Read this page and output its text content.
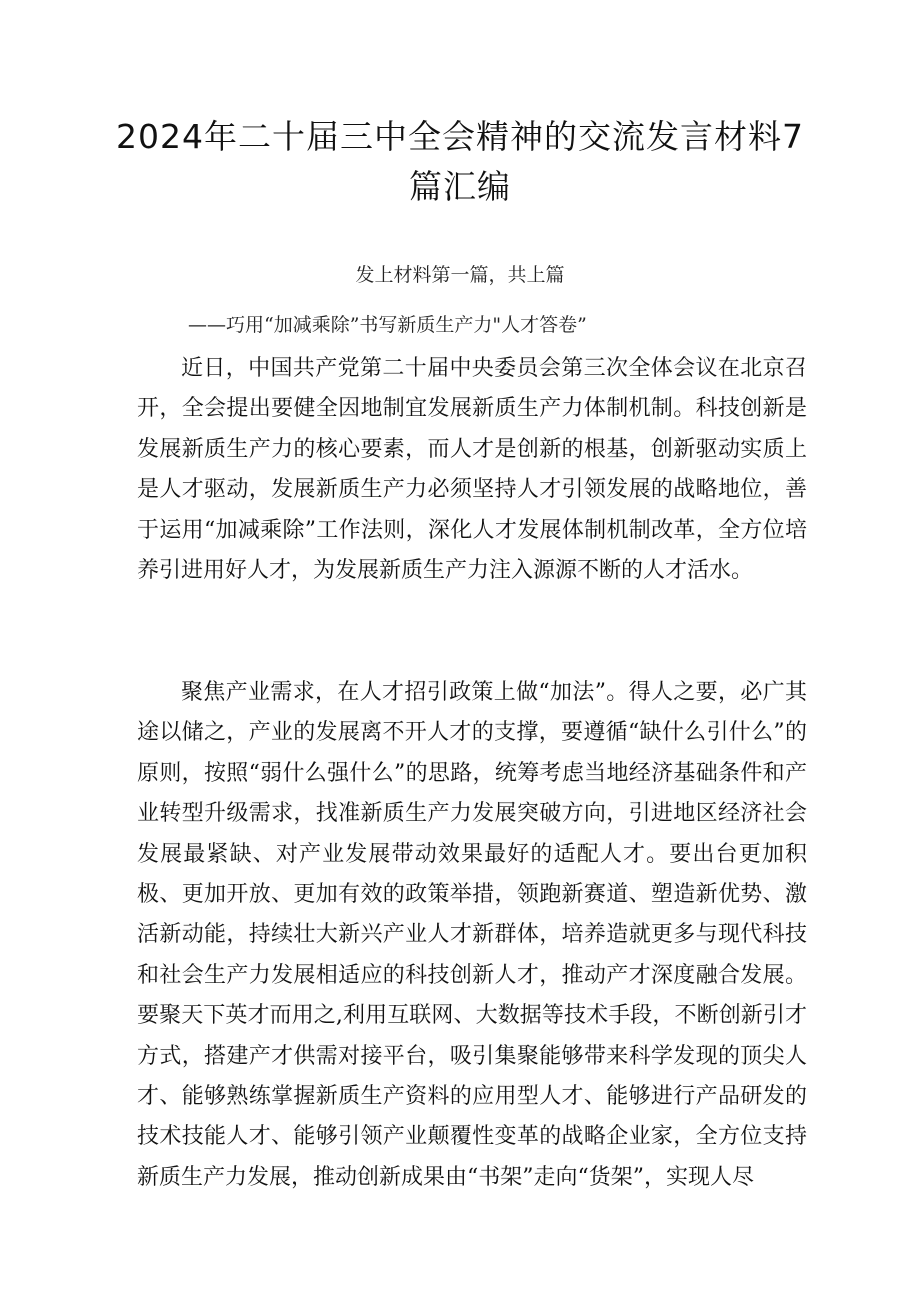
2024年二十届三中全会精神的交流发言材料7篇汇编
发上材料第一篇，共上篇
——巧用“加减乘除”书写新质生产力"人才答卷”

近日，中国共产党第二十届中央委员会第三次全体会议在北京召开，全会提出要健全因地制宜发展新质生产力体制机制。科技创新是发展新质生产力的核心要素，而人才是创新的根基，创新驱动实质上是人才驱动，发展新质生产力必须坚持人才引领发展的战略地位，善于运用“加减乘除”工作法则，深化人才发展体制机制改革，全方位培养引进用好人才，为发展新质生产力注入源源不断的人才活水。

聚焦产业需求，在人才招引政策上做“加法”。得人之要，必广其途以储之，产业的发展离不开人才的支撑，要遵循“缺什么引什么”的原则，按照“弱什么强什么”的思路，统筹考虑当地经济基础条件和产业转型升级需求，找准新质生产力发展突破方向，引进地区经济社会发展最紧缺、对产业发展带动效果最好的适配人才。要出台更加积极、更加开放、更加有效的政策举措，领跑新赛道、塑造新优势、激活新动能，持续壮大新兴产业人才新群体，培养造就更多与现代科技和社会生产力发展相适应的科技创新人才，推动产才深度融合发展。要聚天下英才而用之,利用互联网、大数据等技术手段，不断创新引才方式，搭建产才供需对接平台，吸引集聚能够带来科学发现的顶尖人才、能够熟练掌握新质生产资料的应用型人才、能够进行产品研发的技术技能人才、能够引领产业颠覆性变革的战略企业家，全方位支持新质生产力发展，推动创新成果由“书架”走向“货架”，实现人尽
